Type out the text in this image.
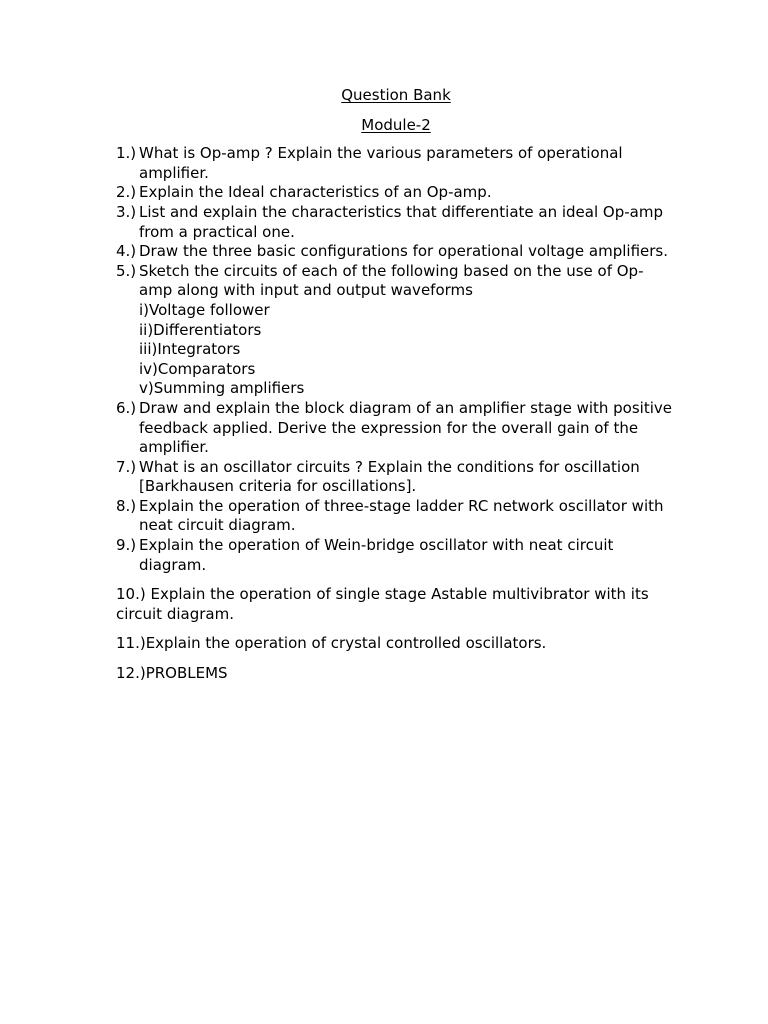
Question Bank

Module-2

1.) What is Op-amp ? Explain the various parameters of operational amplifier.
2.) Explain the Ideal characteristics of an Op-amp.
3.) List and explain the characteristics that differentiate an ideal Op-amp from a practical one.
4.) Draw the three basic configurations for operational voltage amplifiers.
5.) Sketch the circuits of each of the following based on the use of Op-amp along with input and output waveforms
i)Voltage follower
ii)Differentiators
iii)Integrators
iv)Comparators
v)Summing amplifiers
6.) Draw and explain the block diagram of an amplifier stage with positive feedback applied. Derive the expression for the overall gain of the amplifier.
7.) What is an oscillator circuits ? Explain the conditions for oscillation [Barkhausen criteria for oscillations].
8.) Explain the operation of three-stage ladder RC network oscillator with neat circuit diagram.
9.) Explain the operation of Wein-bridge oscillator with neat circuit diagram.

10.) Explain the operation of single stage Astable multivibrator with its circuit diagram.

11.)Explain the operation of crystal controlled oscillators.

12.)PROBLEMS
